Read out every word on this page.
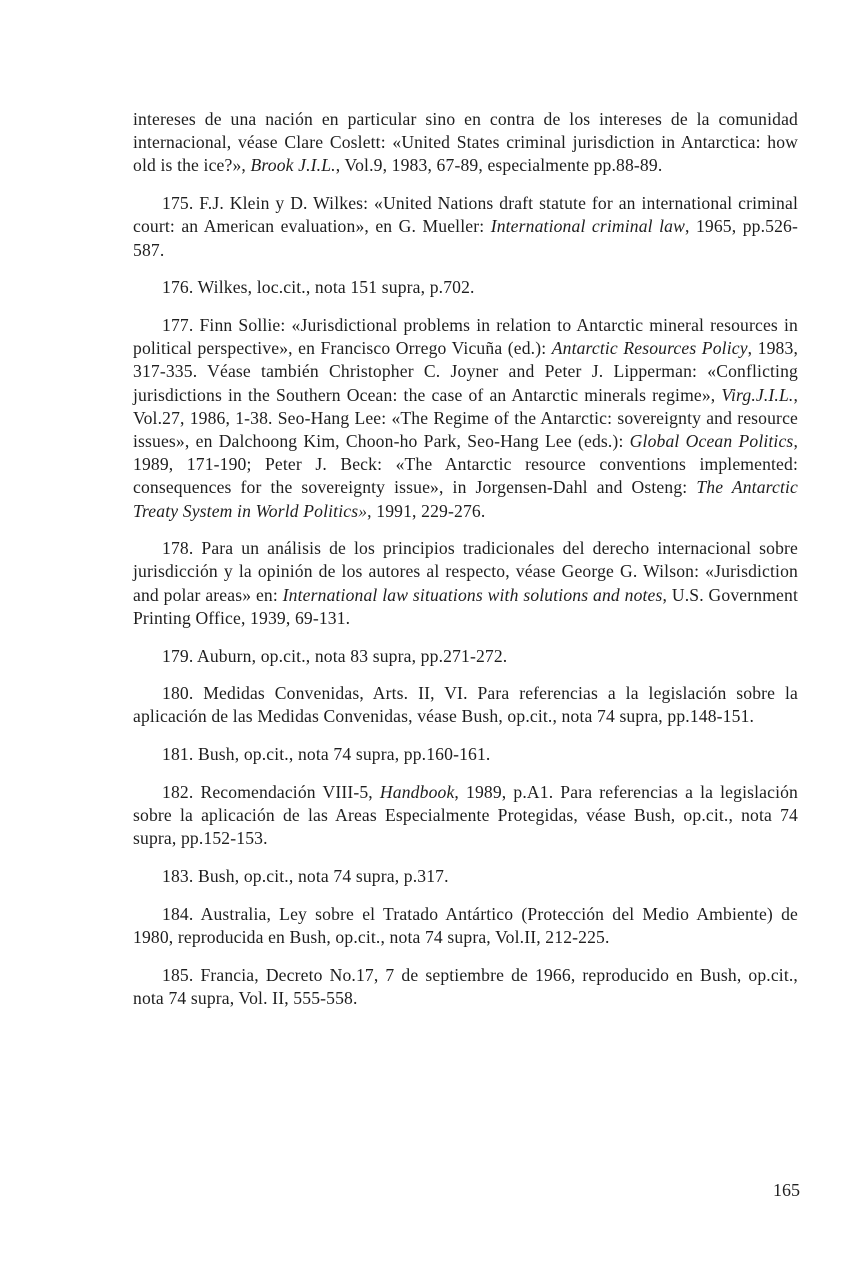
intereses de una nación en particular sino en contra de los intereses de la comunidad internacional, véase Clare Coslett: «United States criminal jurisdiction in Antarctica: how old is the ice?», Brook J.I.L., Vol.9, 1983, 67-89, especialmente pp.88-89.

175. F.J. Klein y D. Wilkes: «United Nations draft statute for an international criminal court: an American evaluation», en G. Mueller: International criminal law, 1965, pp.526-587.

176. Wilkes, loc.cit., nota 151 supra, p.702.

177. Finn Sollie: «Jurisdictional problems in relation to Antarctic mineral resources in political perspective», en Francisco Orrego Vicuña (ed.): Antarctic Resources Policy, 1983, 317-335. Véase también Christopher C. Joyner and Peter J. Lipperman: «Conflicting jurisdictions in the Southern Ocean: the case of an Antarctic minerals regime», Virg.J.I.L., Vol.27, 1986, 1-38. Seo-Hang Lee: «The Regime of the Antarctic: sovereignty and resource issues», en Dalchoong Kim, Choon-ho Park, Seo-Hang Lee (eds.): Global Ocean Politics, 1989, 171-190; Peter J. Beck: «The Antarctic resource conventions implemented: consequences for the sovereignty issue», in Jorgensen-Dahl and Osteng: The Antarctic Treaty System in World Politics», 1991, 229-276.

178. Para un análisis de los principios tradicionales del derecho internacional sobre jurisdicción y la opinión de los autores al respecto, véase George G. Wilson: «Jurisdiction and polar areas» en: International law situations with solutions and notes, U.S. Government Printing Office, 1939, 69-131.

179. Auburn, op.cit., nota 83 supra, pp.271-272.

180. Medidas Convenidas, Arts. II, VI. Para referencias a la legislación sobre la aplicación de las Medidas Convenidas, véase Bush, op.cit., nota 74 supra, pp.148-151.

181. Bush, op.cit., nota 74 supra, pp.160-161.

182. Recomendación VIII-5, Handbook, 1989, p.A1. Para referencias a la legislación sobre la aplicación de las Areas Especialmente Protegidas, véase Bush, op.cit., nota 74 supra, pp.152-153.

183. Bush, op.cit., nota 74 supra, p.317.

184. Australia, Ley sobre el Tratado Antártico (Protección del Medio Ambiente) de 1980, reproducida en Bush, op.cit., nota 74 supra, Vol.II, 212-225.

185. Francia, Decreto No.17, 7 de septiembre de 1966, reproducido en Bush, op.cit., nota 74 supra, Vol. II, 555-558.

165
